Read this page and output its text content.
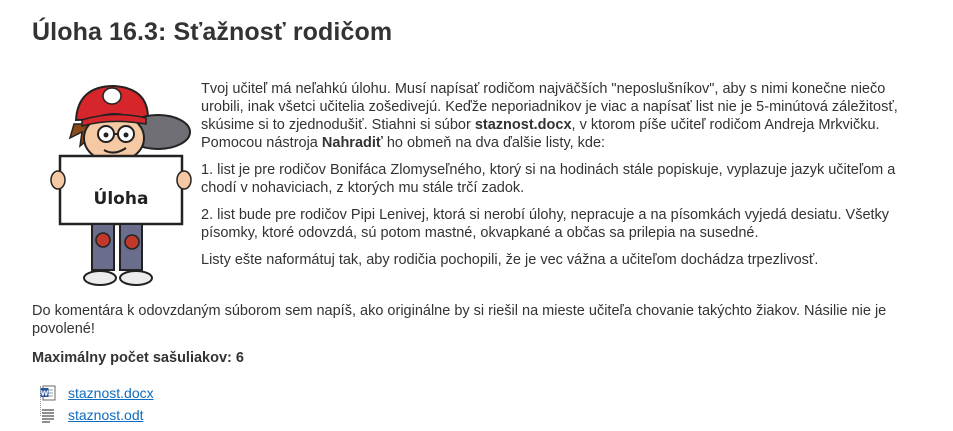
Úloha 16.3: Sťažnosť rodičom
Úloha

Tvoj učiteľ má neľahkú úlohu. Musí napísať rodičom najväčších "neposlušníkov", aby s nimi konečne niečo urobili, inak všetci učitelia zošedivejú. Keďže neporiadnikov je viac a napísať list nie je 5-minútová záležitosť, skúsime si to zjednodušiť. Stiahni si súbor staznost.docx, v ktorom píše učiteľ rodičom Andreja Mrkvičku. Pomocou nástroja Nahradiť ho obmeň na dva ďalšie listy, kde:

1. list je pre rodičov Bonifáca Zlomyseľného, ktorý si na hodinách stále popiskuje, vyplazuje jazyk učiteľom a chodí v nohaviciach, z ktorých mu stále trčí zadok.

2. list bude pre rodičov Pipi Lenivej, ktorá si nerobí úlohy, nepracuje a na písomkách vyjedá desiatu. Všetky písomky, ktoré odovzdá, sú potom mastné, okvapkané a občas sa prilepia na susedné.

Listy ešte naformátuj tak, aby rodičia pochopili, že je vec vážna a učiteľom dochádza trpezlivosť.

Do komentára k odovzdaným súborom sem napíš, ako originálne by si riešil na mieste učiteľa chovanie takýchto žiakov. Násilie nie je povolené!

Maximálny počet sašuliakov: 6

W staznost.docx
staznost.odt
